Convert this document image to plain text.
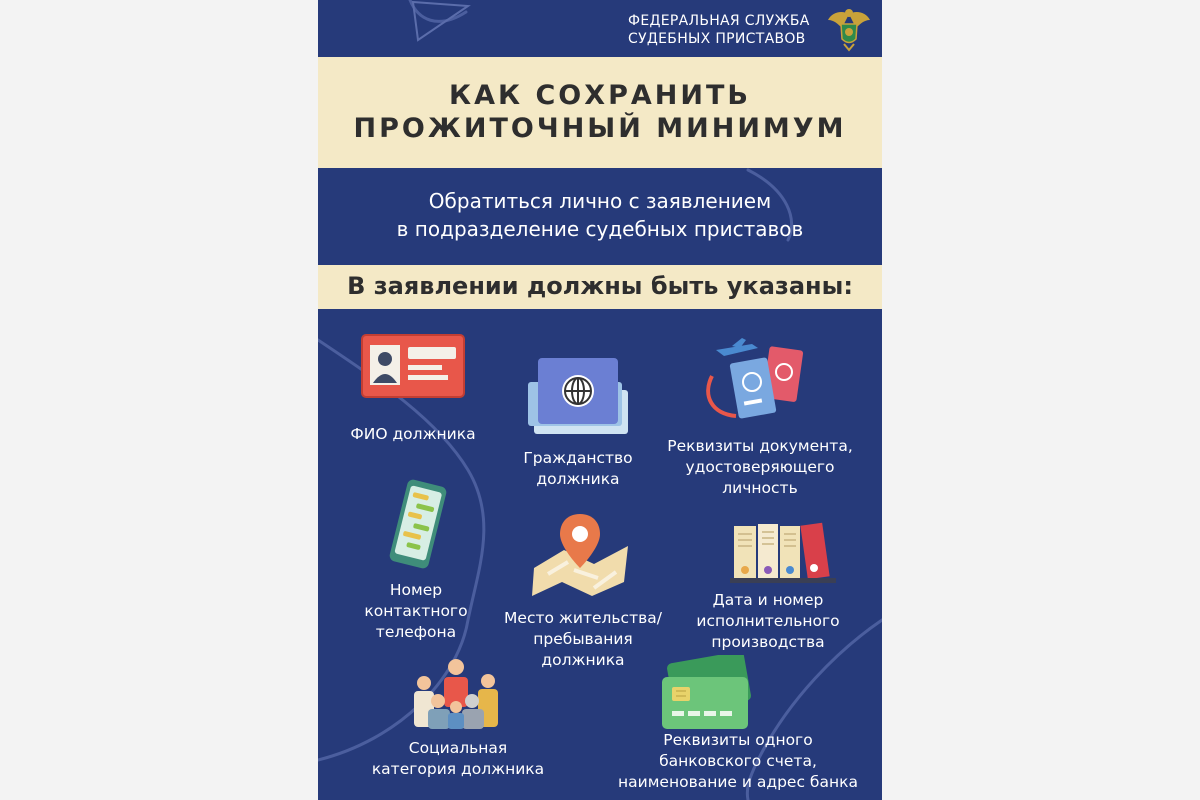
ФЕДЕРАЛЬНАЯ СЛУЖБА
СУДЕБНЫХ ПРИСТАВОВ
КАК СОХРАНИТЬ
ПРОЖИТОЧНЫЙ МИНИМУМ
Обратиться лично с заявлением
в подразделение судебных приставов
В заявлении должны быть указаны:
ФИО должника
Гражданство
должника
Реквизиты документа,
удостоверяющего
личность
Номер
контактного
телефона
Место жительства/
пребывания
должника
Дата и номер
исполнительного
производства
Социальная
категория должника
Реквизиты одного
банковского счета,
наименование и адрес банка
